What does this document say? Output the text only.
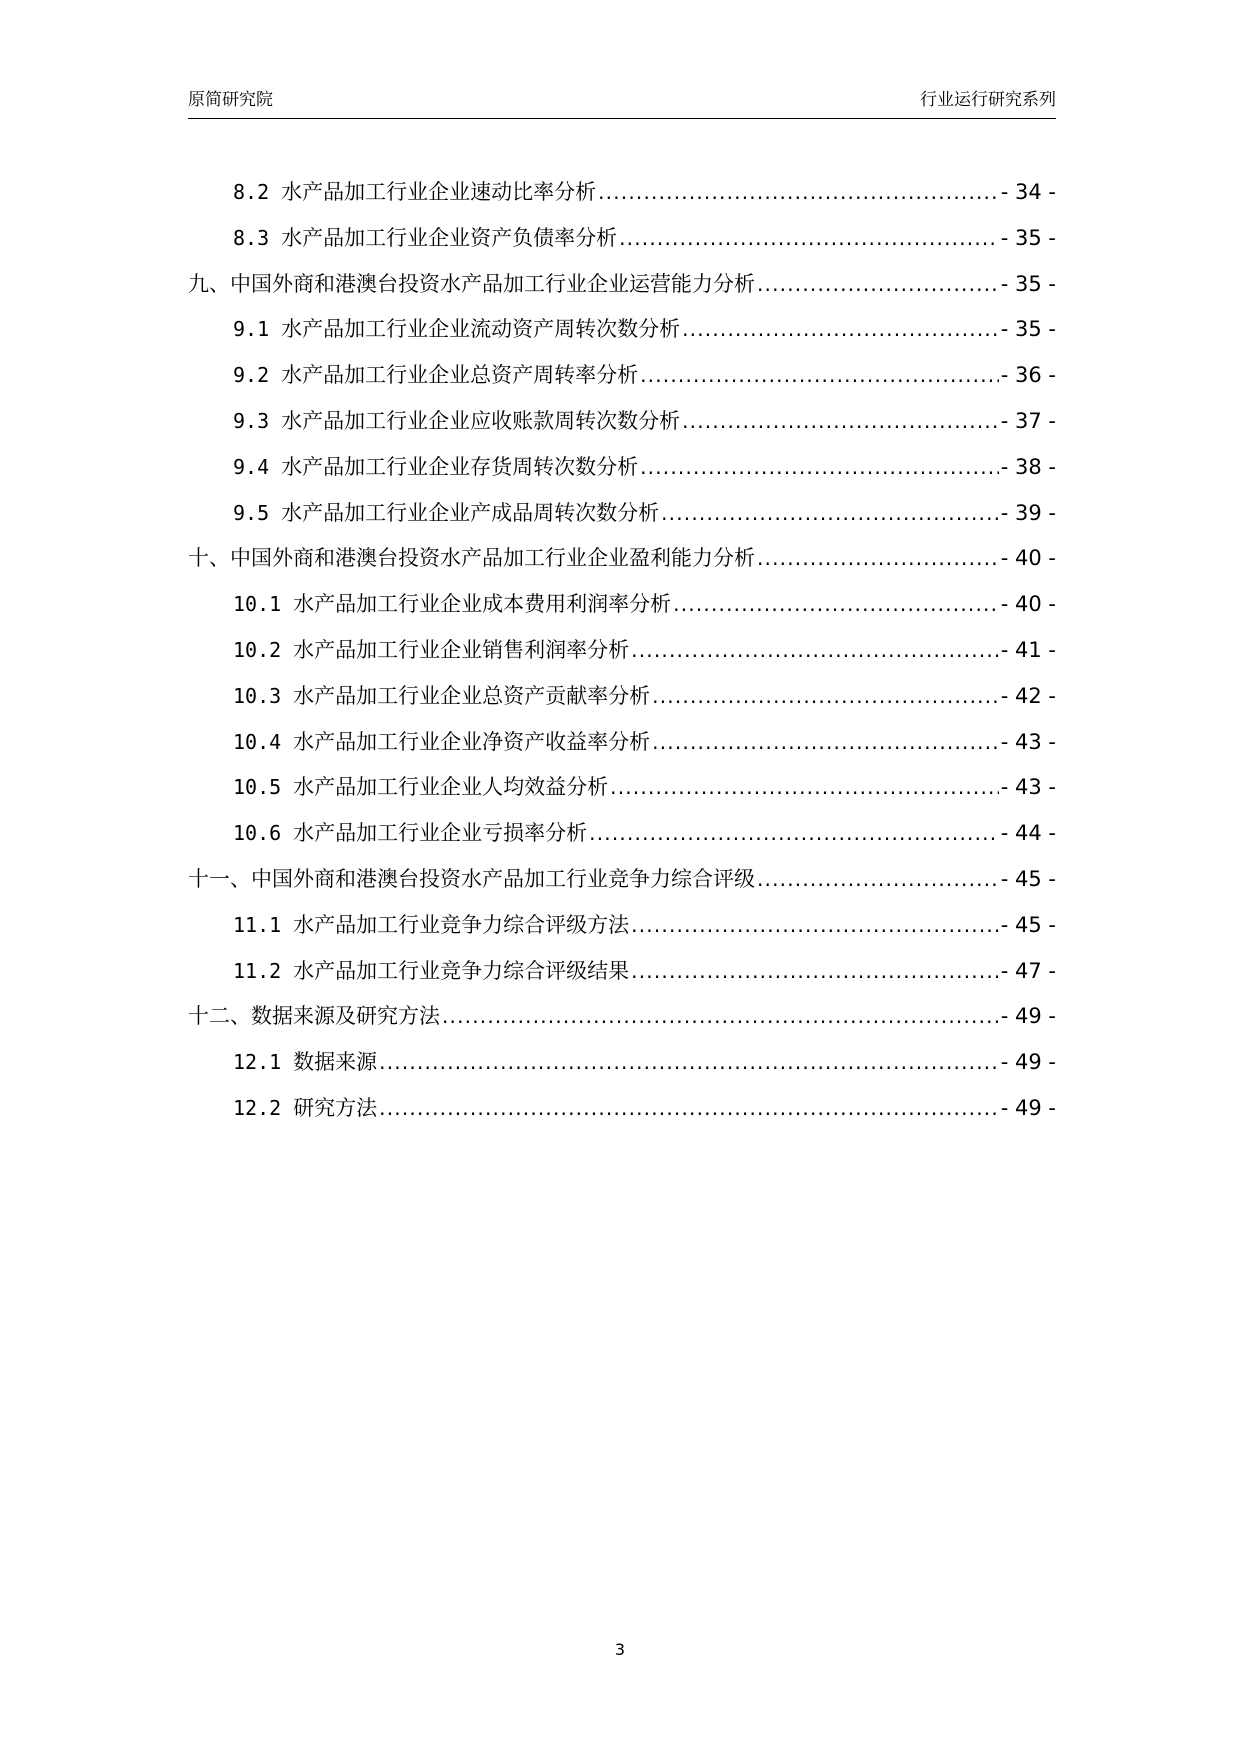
原简研究院	行业运行研究系列
8.2 水产品加工行业企业速动比率分析 .....	- 34 -
8.3 水产品加工行业企业资产负债率分析 .....	- 35 -
九、中国外商和港澳台投资水产品加工行业企业运营能力分析 .....	- 35 -
9.1 水产品加工行业企业流动资产周转次数分析 .....	- 35 -
9.2 水产品加工行业企业总资产周转率分析 .....	- 36 -
9.3 水产品加工行业企业应收账款周转次数分析 .....	- 37 -
9.4 水产品加工行业企业存货周转次数分析 .....	- 38 -
9.5 水产品加工行业企业产成品周转次数分析 .....	- 39 -
十、中国外商和港澳台投资水产品加工行业企业盈利能力分析 .....	- 40 -
10.1 水产品加工行业企业成本费用利润率分析 .....	- 40 -
10.2 水产品加工行业企业销售利润率分析 .....	- 41 -
10.3 水产品加工行业企业总资产贡献率分析 .....	- 42 -
10.4 水产品加工行业企业净资产收益率分析 .....	- 43 -
10.5 水产品加工行业企业人均效益分析 .....	- 43 -
10.6 水产品加工行业企业亏损率分析 .....	- 44 -
十一、中国外商和港澳台投资水产品加工行业竞争力综合评级 .....	- 45 -
11.1 水产品加工行业竞争力综合评级方法 .....	- 45 -
11.2 水产品加工行业竞争力综合评级结果 .....	- 47 -
十二、数据来源及研究方法 .....	- 49 -
12.1 数据来源 .....	- 49 -
12.2 研究方法 .....	- 49 -
3
